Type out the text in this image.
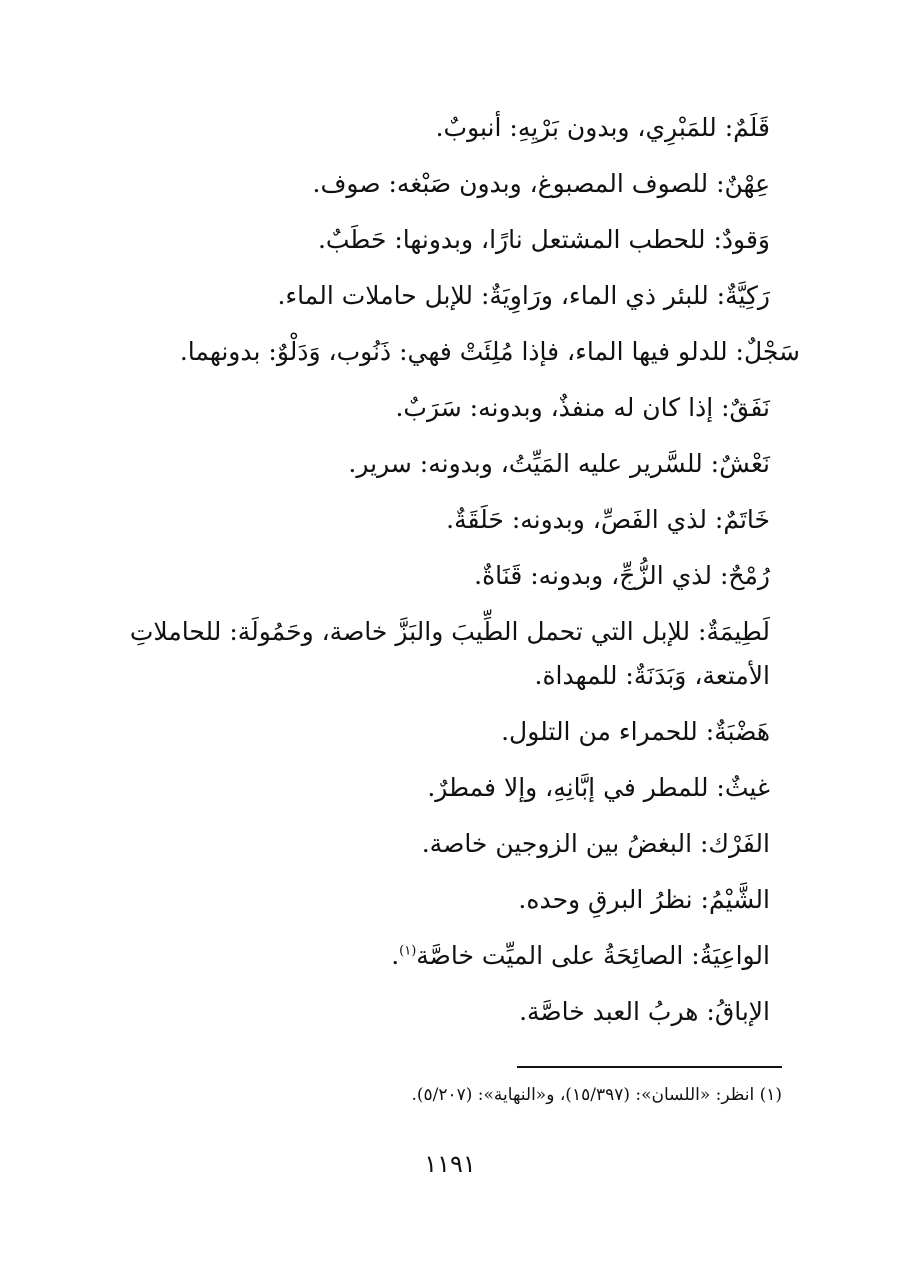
قَلَمٌ: للمَبْرِي، وبدون بَرْيِهِ: أنبوبٌ.

عِهْنٌ: للصوف المصبوغ، وبدون صَبْغه: صوف.

وَقودٌ: للحطب المشتعل نارًا، وبدونها: حَطَبٌ.

رَكِيَّةٌ: للبئر ذي الماء، ورَاوِيَةٌ: للإبل حاملات الماء.

سَجْلٌ: للدلو فيها الماء، فإذا مُلِئَتْ فهي: ذَنُوب، وَدَلْوٌ: بدونهما.

نَفَقٌ: إذا كان له منفذٌ، وبدونه: سَرَبٌ.

نَعْشٌ: للسَّرير عليه المَيِّتُ، وبدونه: سرير.

خَاتَمٌ: لذي الفَصِّ، وبدونه: حَلَقَةٌ.

رُمْحٌ: لذي الزُّجِّ، وبدونه: قَنَاةٌ.

لَطِيمَةٌ: للإبل التي تحمل الطِّيبَ والبَزَّ خاصة، وحَمُولَة: للحاملاتِ الأمتعة، وَبَدَنَةٌ: للمهداة.

هَضْبَةٌ: للحمراء من التلول.

غيثٌ: للمطر في إبَّانِهِ، وإلا فمطرٌ.

الفَرْك: البغضُ بين الزوجين خاصة.

الشَّيْمُ: نظرُ البرقِ وحده.

الواعِيَةُ: الصائِحَةُ على الميِّت خاصَّة$^{(١)}$.

الإباقُ: هربُ العبد خاصَّة.

(١) انظر: «اللسان»: (١٥/٣٩٧)، و«النهاية»: (٥/٢٠٧).
١١٩١
